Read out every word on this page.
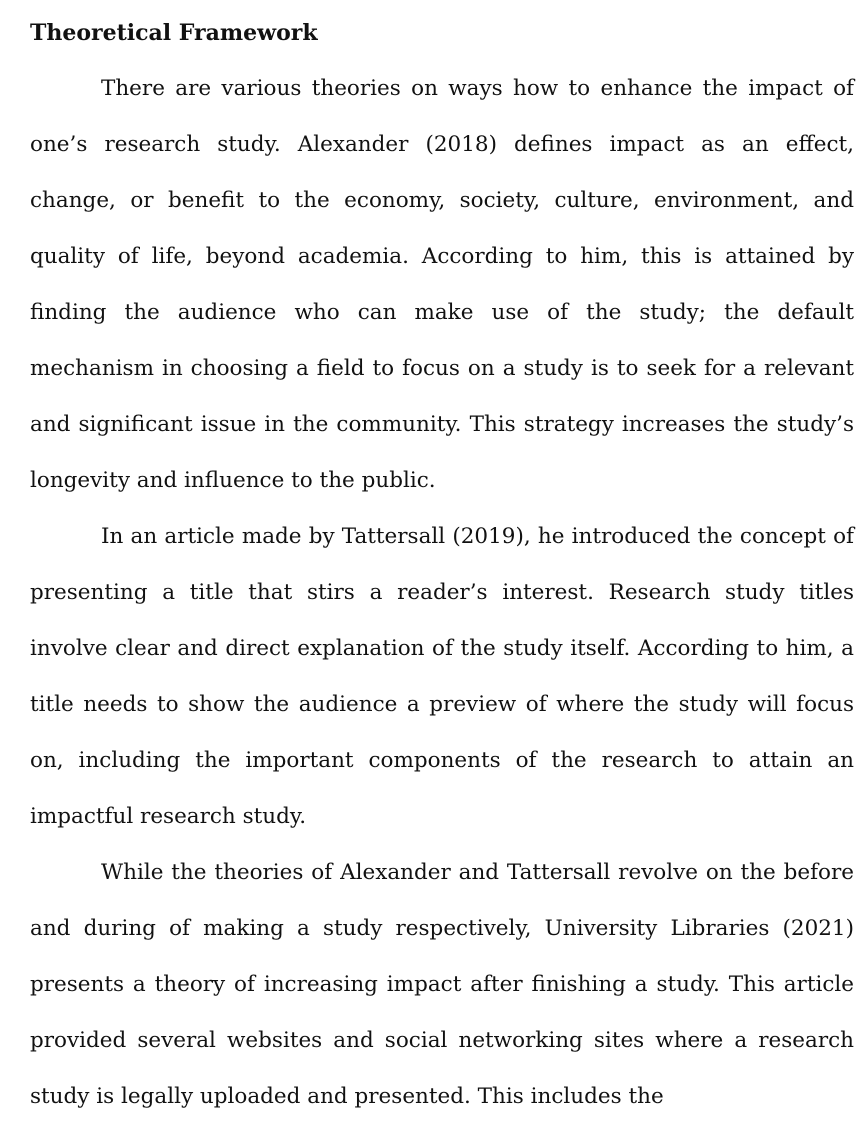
Theoretical Framework

There are various theories on ways how to enhance the impact of one’s research study. Alexander (2018) defines impact as an effect, change, or benefit to the economy, society, culture, environment, and quality of life, beyond academia. According to him, this is attained by finding the audience who can make use of the study; the default mechanism in choosing a field to focus on a study is to seek for a relevant and significant issue in the community. This strategy increases the study’s longevity and influence to the public.

In an article made by Tattersall (2019), he introduced the concept of presenting a title that stirs a reader’s interest. Research study titles involve clear and direct explanation of the study itself. According to him, a title needs to show the audience a preview of where the study will focus on, including the important components of the research to attain an impactful research study.

While the theories of Alexander and Tattersall revolve on the before and during of making a study respectively, University Libraries (2021) presents a theory of increasing impact after finishing a study. This article provided several websites and social networking sites where a research study is legally uploaded and presented. This includes the
